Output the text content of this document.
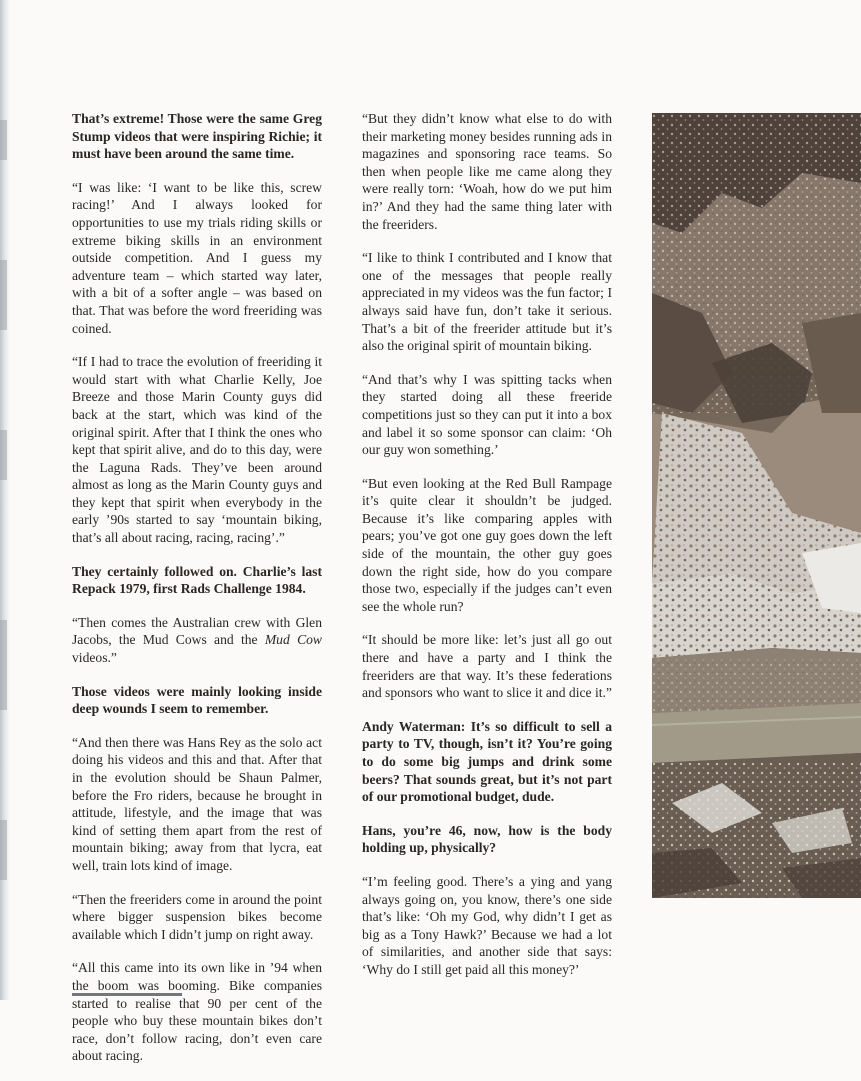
That’s extreme! Those were the same Greg Stump videos that were inspiring Richie; it must have been around the same time.

“I was like: ‘I want to be like this, screw racing!’ And I always looked for opportunities to use my trials riding skills or extreme biking skills in an environment outside competition. And I guess my adventure team – which started way later, with a bit of a softer angle – was based on that. That was before the word freeriding was coined.

“If I had to trace the evolution of freeriding it would start with what Charlie Kelly, Joe Breeze and those Marin County guys did back at the start, which was kind of the original spirit. After that I think the ones who kept that spirit alive, and do to this day, were the Laguna Rads. They’ve been around almost as long as the Marin County guys and they kept that spirit when everybody in the early ’90s started to say ‘mountain biking, that’s all about racing, racing, racing’.”

They certainly followed on. Charlie’s last Repack 1979, first Rads Challenge 1984.

“Then comes the Australian crew with Glen Jacobs, the Mud Cows and the Mud Cow videos.”

Those videos were mainly looking inside deep wounds I seem to remember.

“And then there was Hans Rey as the solo act doing his videos and this and that. After that in the evolution should be Shaun Palmer, before the Fro riders, because he brought in attitude, lifestyle, and the image that was kind of setting them apart from the rest of mountain biking; away from that lycra, eat well, train lots kind of image.

“Then the freeriders come in around the point where bigger suspension bikes become available which I didn’t jump on right away.

“All this came into its own like in ’94 when the boom was booming. Bike companies started to realise that 90 per cent of the people who buy these mountain bikes don’t race, don’t follow racing, don’t even care about racing.

“But they didn’t know what else to do with their marketing money besides running ads in magazines and sponsoring race teams. So then when people like me came along they were really torn: ‘Woah, how do we put him in?’ And they had the same thing later with the freeriders.

“I like to think I contributed and I know that one of the messages that people really appreciated in my videos was the fun factor; I always said have fun, don’t take it serious. That’s a bit of the freerider attitude but it’s also the original spirit of mountain biking.

“And that’s why I was spitting tacks when they started doing all these freeride competitions just so they can put it into a box and label it so some sponsor can claim: ‘Oh our guy won something.’

“But even looking at the Red Bull Rampage it’s quite clear it shouldn’t be judged. Because it’s like comparing apples with pears; you’ve got one guy goes down the left side of the mountain, the other guy goes down the right side, how do you compare those two, especially if the judges can’t even see the whole run?

“It should be more like: let’s just all go out there and have a party and I think the freeriders are that way. It’s these federations and sponsors who want to slice it and dice it.”

Andy Waterman: It’s so difficult to sell a party to TV, though, isn’t it? You’re going to do some big jumps and drink some beers? That sounds great, but it’s not part of our promotional budget, dude.

Hans, you’re 46, now, how is the body holding up, physically?

“I’m feeling good. There’s a ying and yang always going on, you know, there’s one side that’s like: ‘Oh my God, why didn’t I get as big as a Tony Hawk?’ Because we had a lot of similarities, and another side that says: ‘Why do I still get paid all this money?’
